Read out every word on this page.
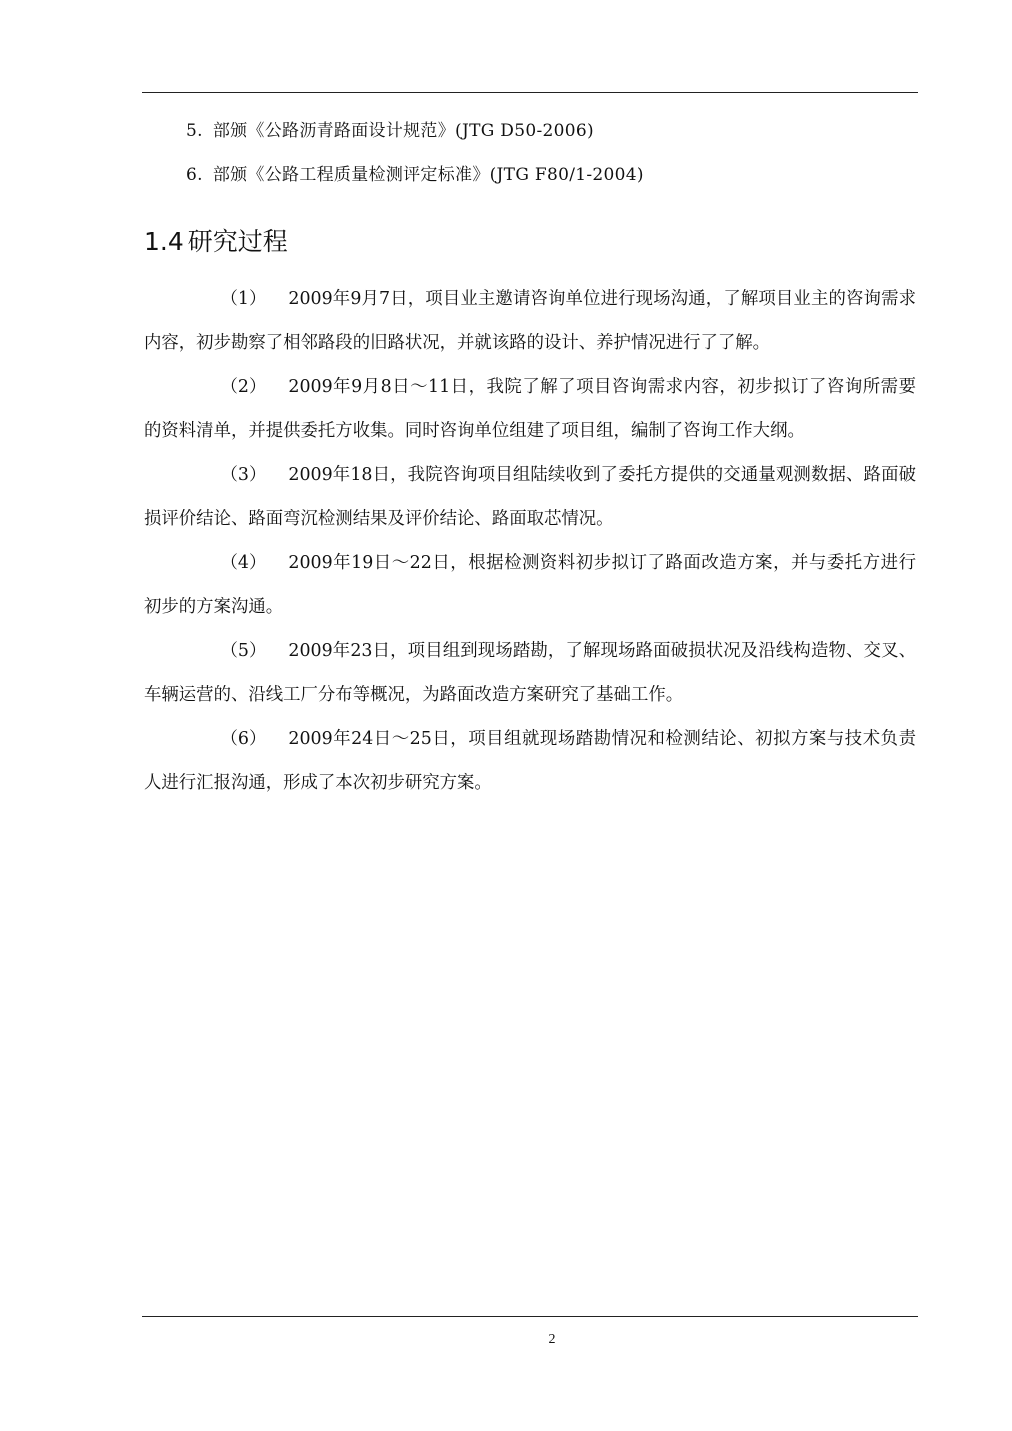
5. 部颁《公路沥青路面设计规范》(JTG D50-2006)
6. 部颁《公路工程质量检测评定标准》(JTG F80/1-2004)
1.4 研究过程

（1） 2009年9月7日，项目业主邀请咨询单位进行现场沟通，了解项目业主的咨询需求内容，初步勘察了相邻路段的旧路状况，并就该路的设计、养护情况进行了了解。

（2） 2009年9月8日～11日，我院了解了项目咨询需求内容，初步拟订了咨询所需要的资料清单，并提供委托方收集。同时咨询单位组建了项目组，编制了咨询工作大纲。

（3） 2009年18日，我院咨询项目组陆续收到了委托方提供的交通量观测数据、路面破损评价结论、路面弯沉检测结果及评价结论、路面取芯情况。

（4） 2009年19日～22日，根据检测资料初步拟订了路面改造方案，并与委托方进行初步的方案沟通。

（5） 2009年23日，项目组到现场踏勘，了解现场路面破损状况及沿线构造物、交叉、车辆运营的、沿线工厂分布等概况，为路面改造方案研究了基础工作。

（6） 2009年24日～25日，项目组就现场踏勘情况和检测结论、初拟方案与技术负责人进行汇报沟通，形成了本次初步研究方案。

2
